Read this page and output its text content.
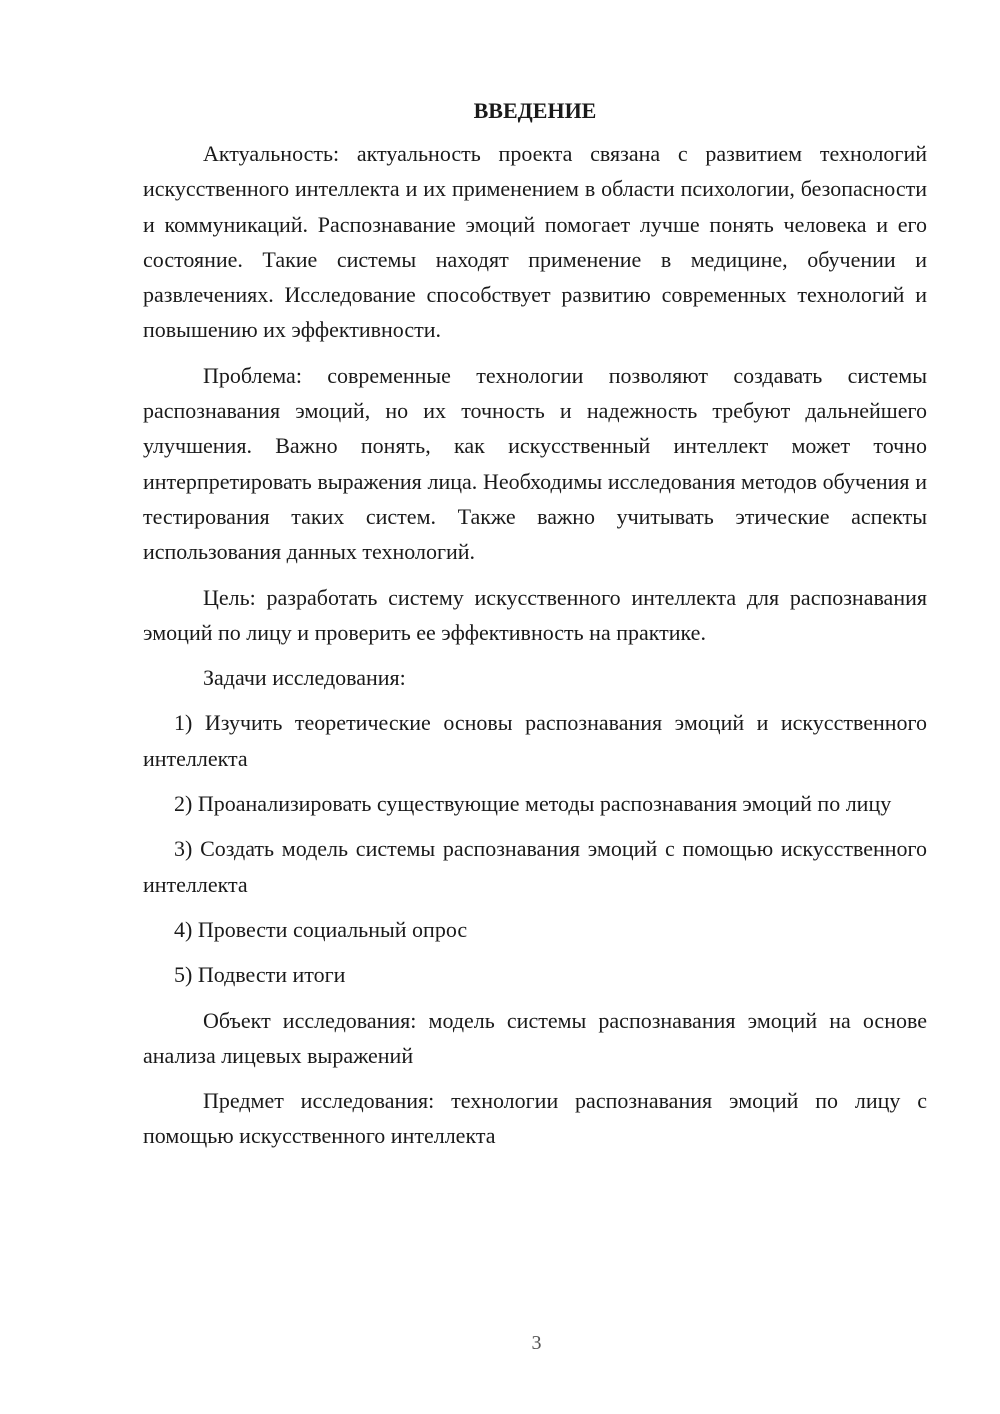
ВВЕДЕНИЕ

Актуальность: актуальность проекта связана с развитием технологий искусственного интеллекта и их применением в области психологии, безопасности и коммуникаций. Распознавание эмоций помогает лучше понять человека и его состояние. Такие системы находят применение в медицине, обучении и развлечениях. Исследование способствует развитию современных технологий и повышению их эффективности.

Проблема: современные технологии позволяют создавать системы распознавания эмоций, но их точность и надежность требуют дальнейшего улучшения. Важно понять, как искусственный интеллект может точно интерпретировать выражения лица. Необходимы исследования методов обучения и тестирования таких систем. Также важно учитывать этические аспекты использования данных технологий.

Цель: разработать систему искусственного интеллекта для распознавания эмоций по лицу и проверить ее эффективность на практике.

Задачи исследования:

1) Изучить теоретические основы распознавания эмоций и искусственного интеллекта

2) Проанализировать существующие методы распознавания эмоций по лицу

3) Создать модель системы распознавания эмоций с помощью искусственного интеллекта

4) Провести социальный опрос

5) Подвести итоги

Объект исследования: модель системы распознавания эмоций на основе анализа лицевых выражений

Предмет исследования: технологии распознавания эмоций по лицу с помощью искусственного интеллекта

3
